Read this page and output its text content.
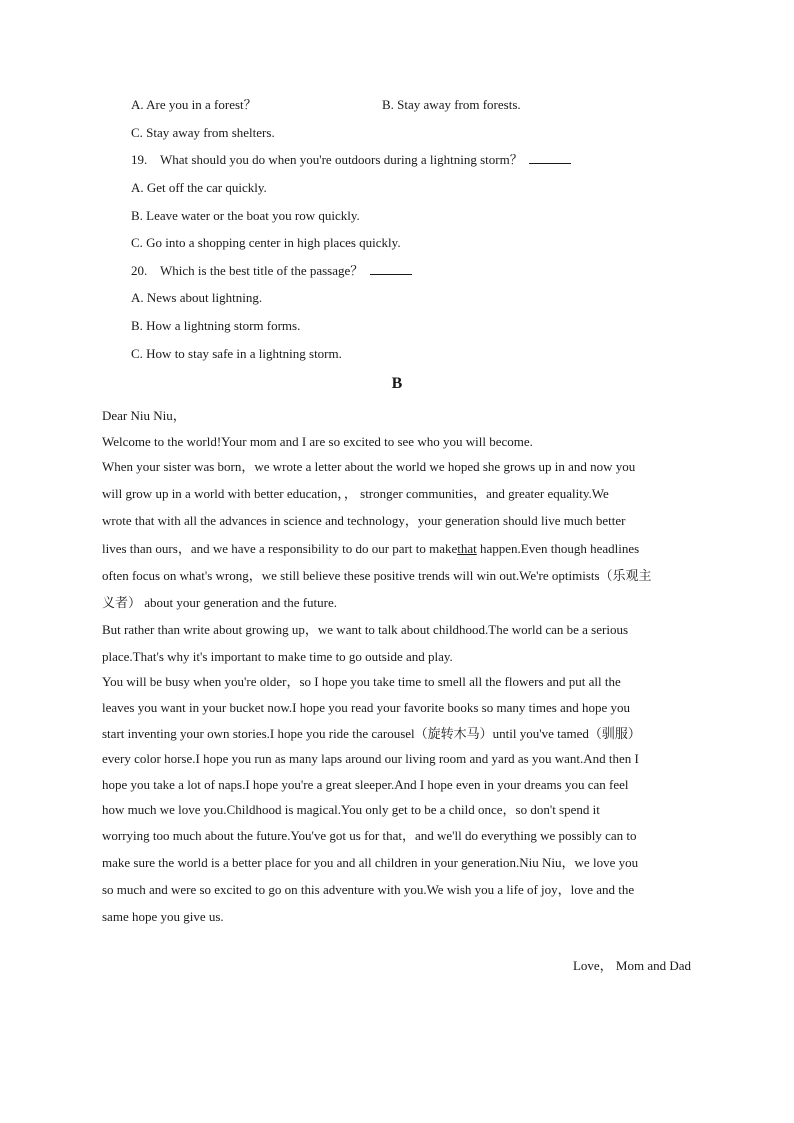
A. Are you in a forest？	B. Stay away from forests.
C. Stay away from shelters.
19. What should you do when you're outdoors during a lightning storm？
A. Get off the car quickly.
B. Leave water or the boat you row quickly.
C. Go into a shopping center in high places quickly.
20. Which is the best title of the passage？
A. News about lightning.
B. How a lightning storm forms.
C. How to stay safe in a lightning storm.
B
Dear Niu Niu，
Welcome to the world!Your mom and I are so excited to see who you will become.
When your sister was born，we wrote a letter about the world we hoped she grows up in and now you
will grow up in a world with better education，， stronger communities，and greater equality.We
wrote that with all the advances in science and technology，your generation should live much better
lives than ours，and we have a responsibility to do our part to makethat happen.Even though headlines
often focus on what's wrong，we still believe these positive trends will win out.We're optimists（乐观主
义者） about your generation and the future.
But rather than write about growing up，we want to talk about childhood.The world can be a serious
place.That's why it's important to make time to go outside and play.
You will be busy when you're older，so I hope you take time to smell all the flowers and put all the
leaves you want in your bucket now.I hope you read your favorite books so many times and hope you
start inventing your own stories.I hope you ride the carousel（旋转木马）until you've tamed（驯服）
every color horse.I hope you run as many laps around our living room and yard as you want.And then I
hope you take a lot of naps.I hope you're a great sleeper.And I hope even in your dreams you can feel
how much we love you.Childhood is magical.You only get to be a child once，so don't spend it
worrying too much about the future.You've got us for that，and we'll do everything we possibly can to
make sure the world is a better place for you and all children in your generation.Niu Niu，we love you
so much and were so excited to go on this adventure with you.We wish you a life of joy，love and the
same hope you give us.
Love， Mom and Dad
